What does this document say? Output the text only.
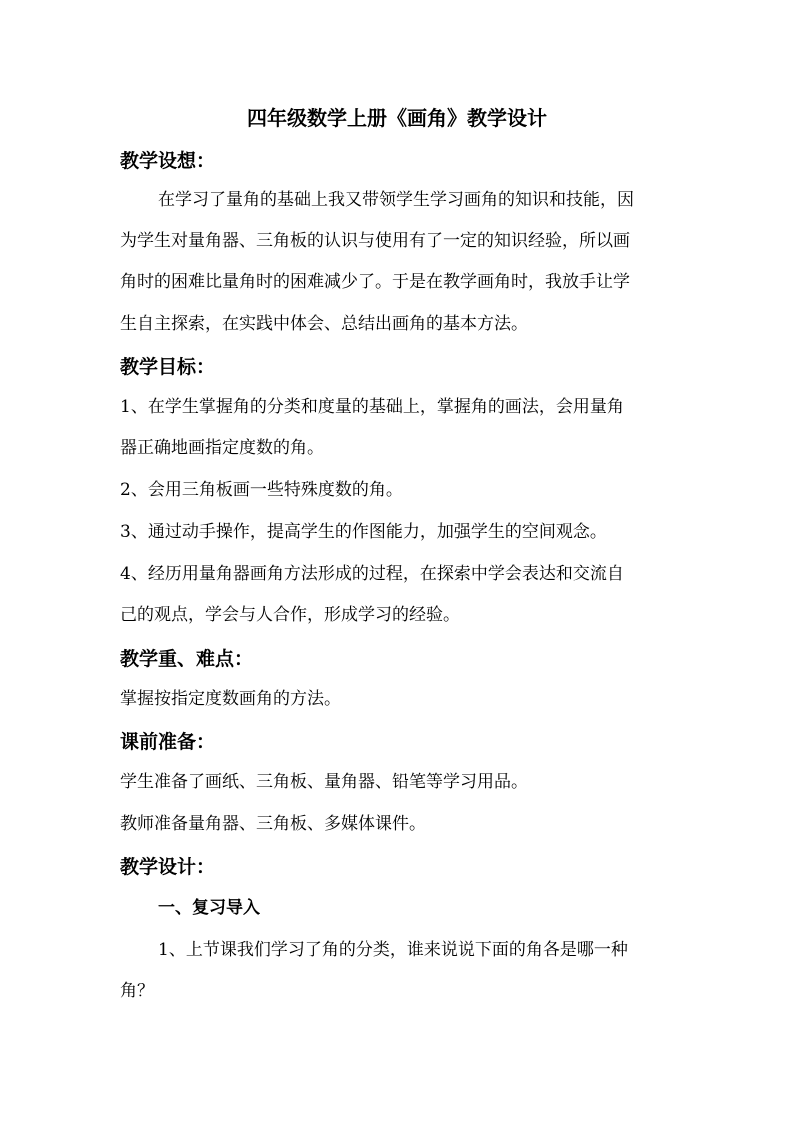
四年级数学上册《画角》教学设计
教学设想：
在学习了量角的基础上我又带领学生学习画角的知识和技能，因
为学生对量角器、三角板的认识与使用有了一定的知识经验，所以画
角时的困难比量角时的困难减少了。于是在教学画角时，我放手让学
生自主探索，在实践中体会、总结出画角的基本方法。
教学目标：
1、在学生掌握角的分类和度量的基础上，掌握角的画法，会用量角
器正确地画指定度数的角。
2、会用三角板画一些特殊度数的角。
3、通过动手操作，提高学生的作图能力，加强学生的空间观念。
4、经历用量角器画角方法形成的过程，在探索中学会表达和交流自
己的观点，学会与人合作，形成学习的经验。
教学重、难点：
掌握按指定度数画角的方法。
课前准备：
学生准备了画纸、三角板、量角器、铅笔等学习用品。
教师准备量角器、三角板、多媒体课件。
教学设计：
一、复习导入
1、上节课我们学习了角的分类，谁来说说下面的角各是哪一种
角？
